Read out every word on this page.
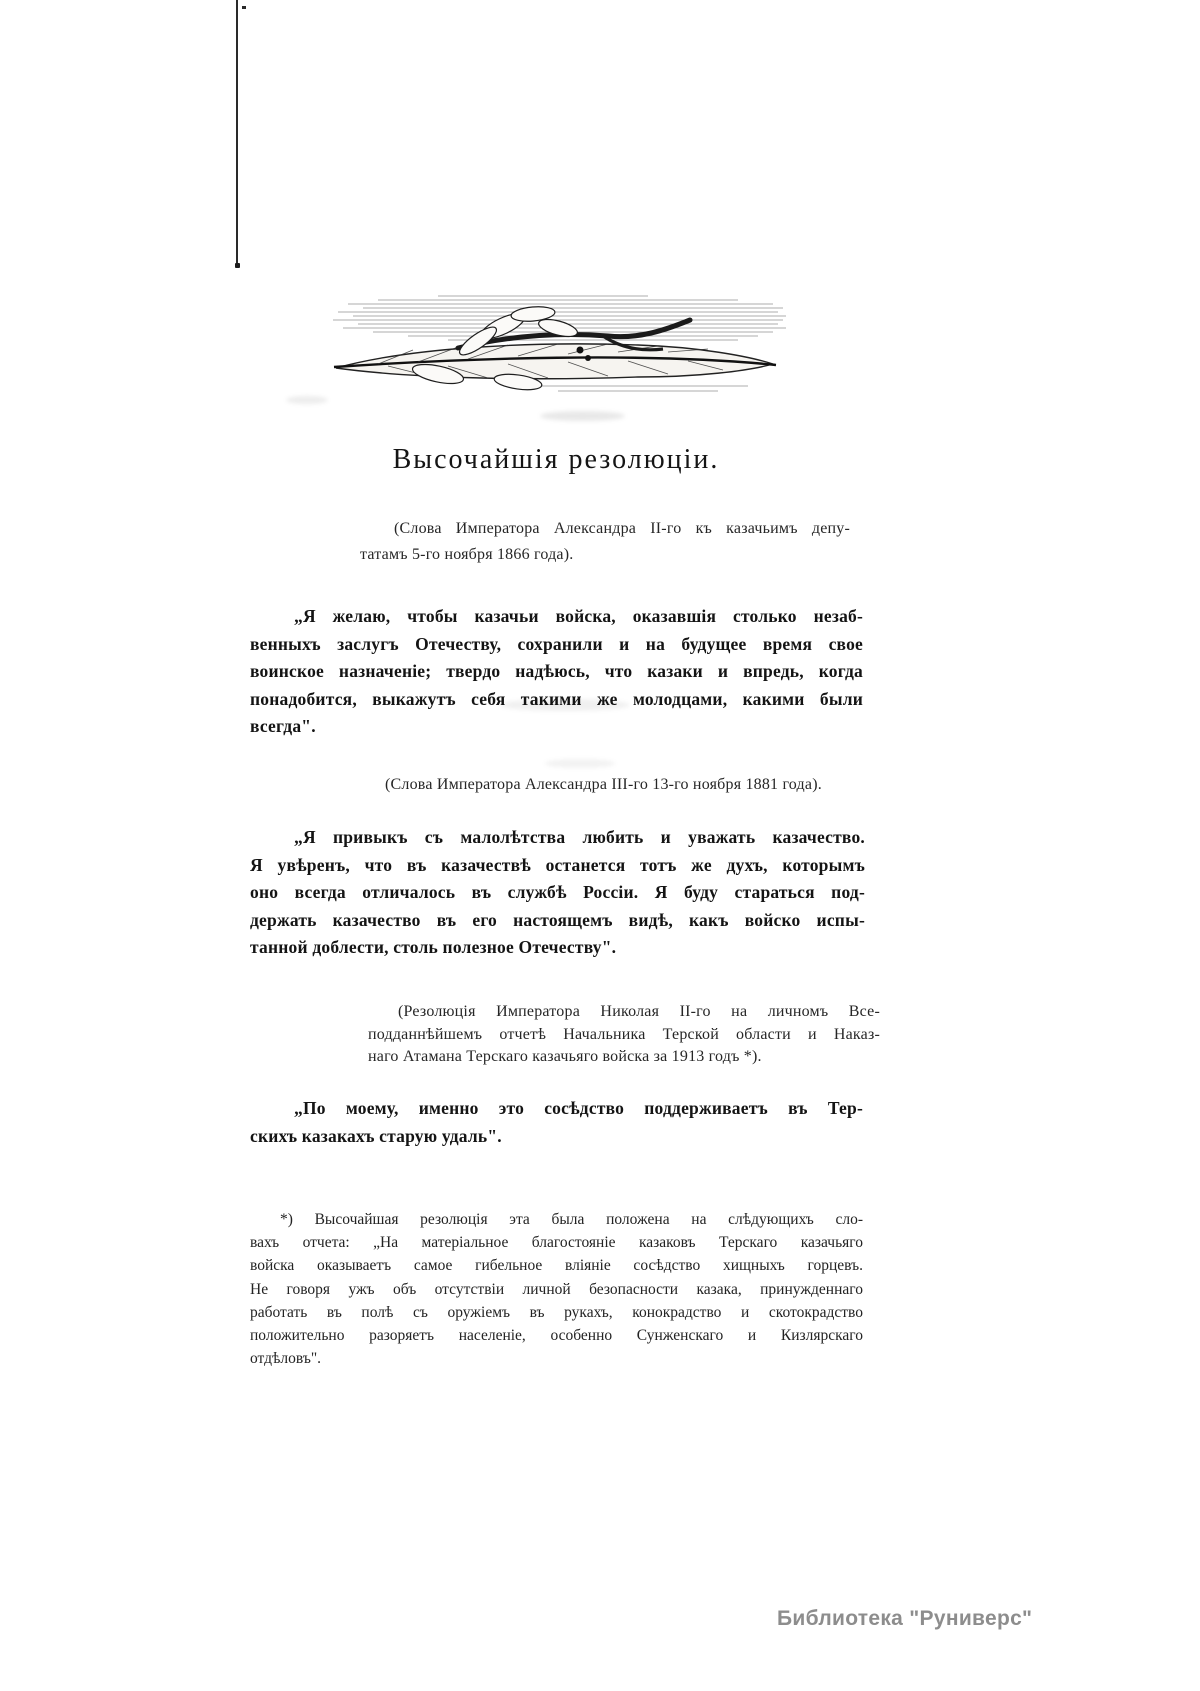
Высочайшія резолюціи.
(Слова Императора Александра II-го къ казачьимъ депу-
татамъ 5-го ноября 1866 года).
„Я желаю, чтобы казачьи войска, оказавшія столько незаб-
венныхъ заслугъ Отечеству, сохранили и на будущее время свое
воинское назначеніе; твердо надѣюсь, что казаки и впредь, когда
понадобится, выкажутъ себя такими же молодцами, какими были
всегда".
(Слова Императора Александра III-го 13-го ноября 1881 года).
„Я привыкъ съ малолѣтства любить и уважать казачество.
Я увѣренъ, что въ казачествѣ останется тотъ же духъ, которымъ
оно всегда отличалось въ службѣ Россіи. Я буду стараться под-
держать казачество въ его настоящемъ видѣ, какъ войско испы-
танной доблести, столь полезное Отечеству".
(Резолюція Императора Николая II-го на личномъ Все-
подданнѣйшемъ отчетѣ Начальника Терской области и Наказ-
наго Атамана Терскаго казачьяго войска за 1913 годъ *).
„По моему, именно это сосѣдство поддерживаетъ въ Тер-
скихъ казакахъ старую удаль".
*) Высочайшая резолюція эта была положена на слѣдующихъ сло-
вахъ отчета: „На матеріальное благостояніе казаковъ Терскаго казачьяго
войска оказываетъ самое гибельное вліяніе сосѣдство хищныхъ горцевъ.
Не говоря ужъ объ отсутствіи личной безопасности казака, принужденнаго
работать въ полѣ съ оружіемъ въ рукахъ, конокрадство и скотокрадство
положительно разоряетъ населеніе, особенно Сунженскаго и Кизлярскаго
отдѣловъ".
Библиотека "Руниверс"
